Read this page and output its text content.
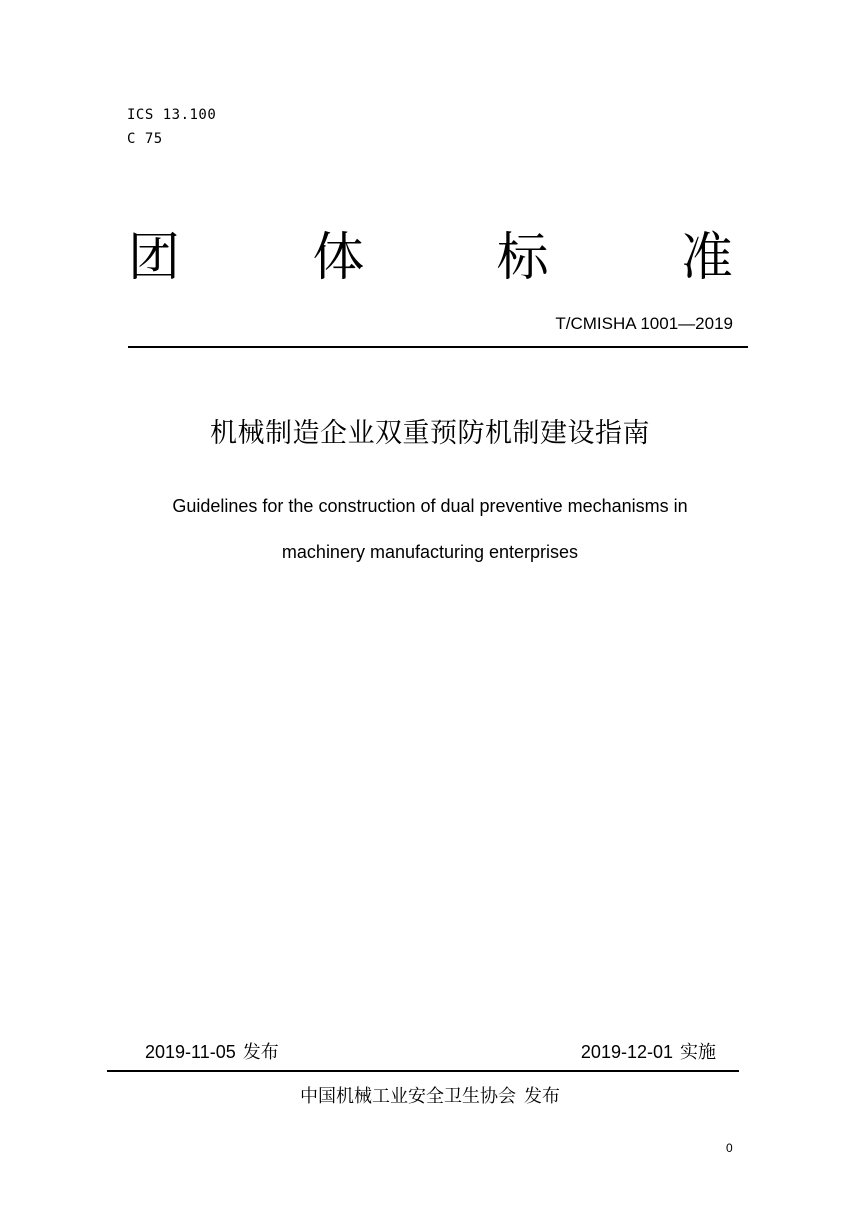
ICS 13.100
C 75
团	体	标	准
T/CMISHA 1001—2019
机械制造企业双重预防机制建设指南
Guidelines for the construction of dual preventive mechanisms in
machinery manufacturing enterprises
2019-11-05 发布	2019-12-01 实施
中国机械工业安全卫生协会 发布
0
